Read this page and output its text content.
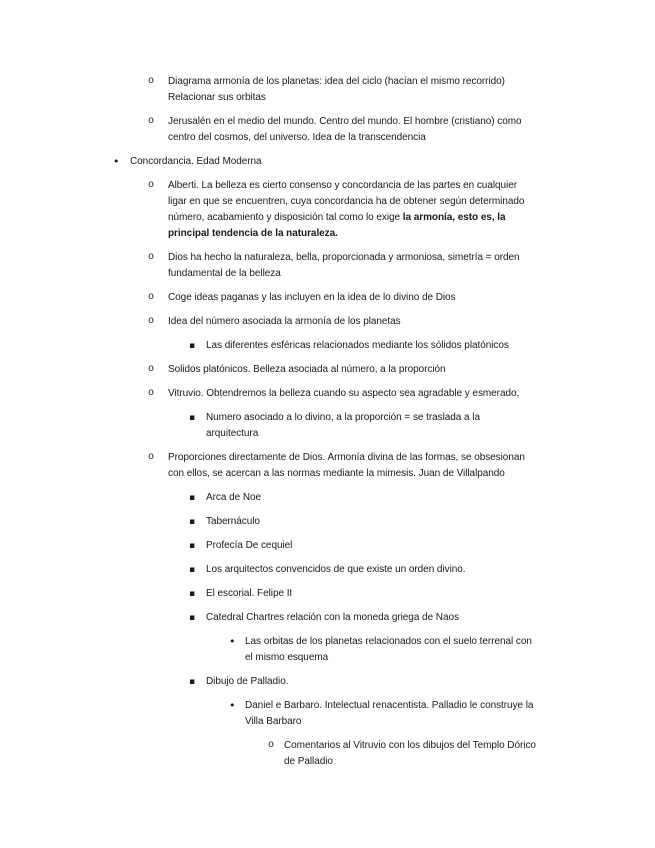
o Diagrama armonía de los planetas: idea del ciclo (hacían el mismo recorrido)
Relacionar sus orbitas
o Jerusalén en el medio del mundo. Centro del mundo. El hombre (cristiano) como
centro del cosmos, del universo. Idea de la transcendencia
• Concordancia. Edad Moderna
o Alberti. La belleza es cierto consenso y concordancia de las partes en cualquier
ligar en que se encuentren, cuya concordancia ha de obtener según determinado
número, acabamiento y disposición tal como lo exige la armonía, esto es, la
principal tendencia de la naturaleza.
o Dios ha hecho la naturaleza, bella, proporcionada y armoniosa, simetría = orden
fundamental de la belleza
o Coge ideas paganas y las incluyen en la idea de lo divino de Dios
o Idea del número asociada la armonía de los planetas
▪ Las diferentes esféricas relacionados mediante los sólidos platónicos
o Solidos platónicos. Belleza asociada al número, a la proporción
o Vitruvio. Obtendremos la belleza cuando su aspecto sea agradable y esmerado,
▪ Numero asociado a lo divino, a la proporción = se traslada a la
arquitectura
o Proporciones directamente de Dios. Armonía divina de las formas, se obsesionan
con ellos, se acercan a las normas mediante la mimesis. Juan de Villalpando
▪ Arca de Noe
▪ Tabernáculo
▪ Profecía De cequiel
▪ Los arquitectos convencidos de que existe un orden divino.
▪ El escorial. Felipe II
▪ Catedral Chartres relación con la moneda griega de Naos
• Las orbitas de los planetas relacionados con el suelo terrenal con
el mismo esquema
▪ Dibujo de Palladio.
• Daniel e Barbaro. Intelectual renacentista. Palladio le construye la
Villa Barbaro
o Comentarios al Vitruvio con los dibujos del Templo Dórico
de Palladio
